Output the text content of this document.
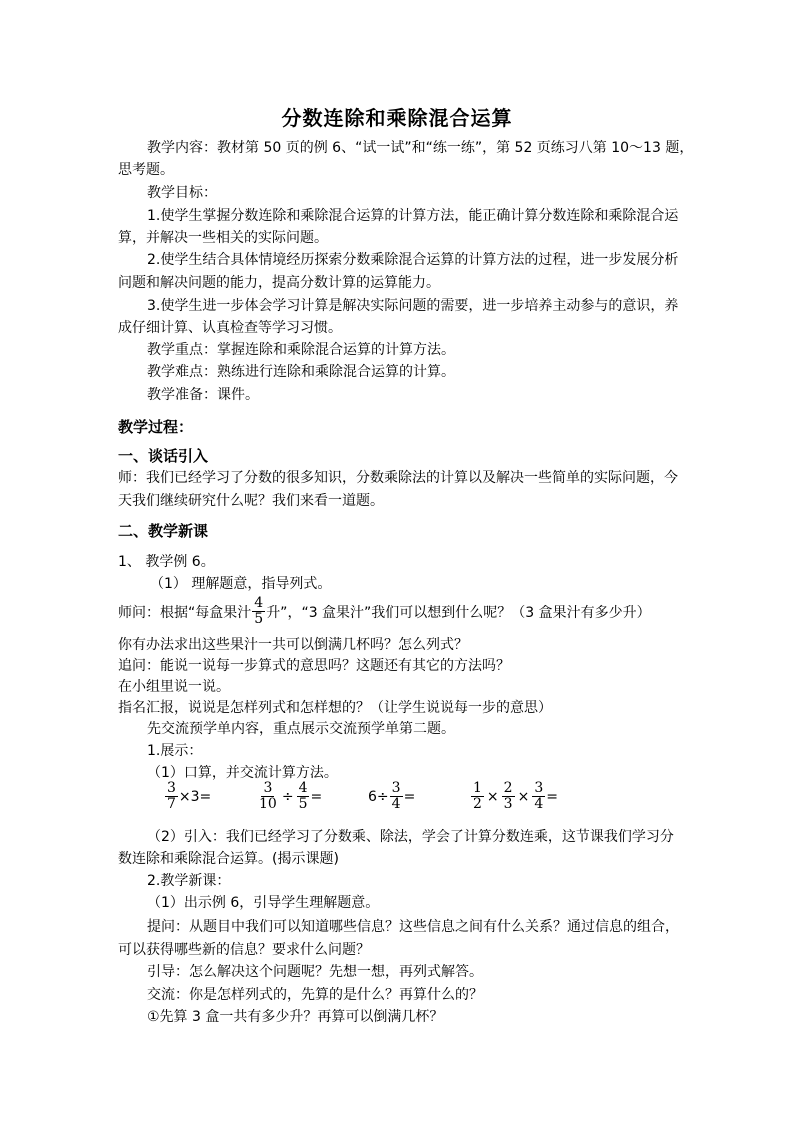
分数连除和乘除混合运算
教学内容：教材第 50 页的例 6、“试一试”和“练一练”，第 52 页练习八第 10～13 题，
思考题。
教学目标：
1.使学生掌握分数连除和乘除混合运算的计算方法，能正确计算分数连除和乘除混合运
算，并解决一些相关的实际问题。
2.使学生结合具体情境经历探索分数乘除混合运算的计算方法的过程，进一步发展分析
问题和解决问题的能力，提高分数计算的运算能力。
3.使学生进一步体会学习计算是解决实际问题的需要，进一步培养主动参与的意识，养
成仔细计算、认真检查等学习习惯。
教学重点：掌握连除和乘除混合运算的计算方法。
教学难点：熟练进行连除和乘除混合运算的计算。
教学准备：课件。
教学过程：
一、谈话引入
师：我们已经学习了分数的很多知识，分数乘除法的计算以及解决一些简单的实际问题，今
天我们继续研究什么呢？我们来看一道题。
二、教学新课
1、 教学例 6。
（1） 理解题意，指导列式。
师问：根据“每盒果汁 $\frac{4}{5}$ 升”，“3 盒果汁”我们可以想到什么呢？（3 盒果汁有多少升）
你有办法求出这些果汁一共可以倒满几杯吗？怎么列式？
追问：能说一说每一步算式的意思吗？这题还有其它的方法吗？
在小组里说一说。
指名汇报，说说是怎样列式和怎样想的？（让学生说说每一步的意思）
先交流预学单内容，重点展示交流预学单第二题。
1.展示：
（1）口算，并交流计算方法。
$\frac{3}{7} \times 3=$	$\frac{3}{10} \div \frac{4}{5}$ =	$6\div \frac{3}{4}$ =	$\frac{1}{2} \times \frac{2}{3} \times \frac{3}{4}$ =
（2）引入：我们已经学习了分数乘、除法，学会了计算分数连乘，这节课我们学习分
数连除和乘除混合运算。(揭示课题)
2.教学新课：
（1）出示例 6，引导学生理解题意。
提问：从题目中我们可以知道哪些信息？这些信息之间有什么关系？通过信息的组合，
可以获得哪些新的信息？要求什么问题？
引导：怎么解决这个问题呢？先想一想，再列式解答。
交流：你是怎样列式的，先算的是什么？再算什么的？
①先算 3 盒一共有多少升？再算可以倒满几杯？
